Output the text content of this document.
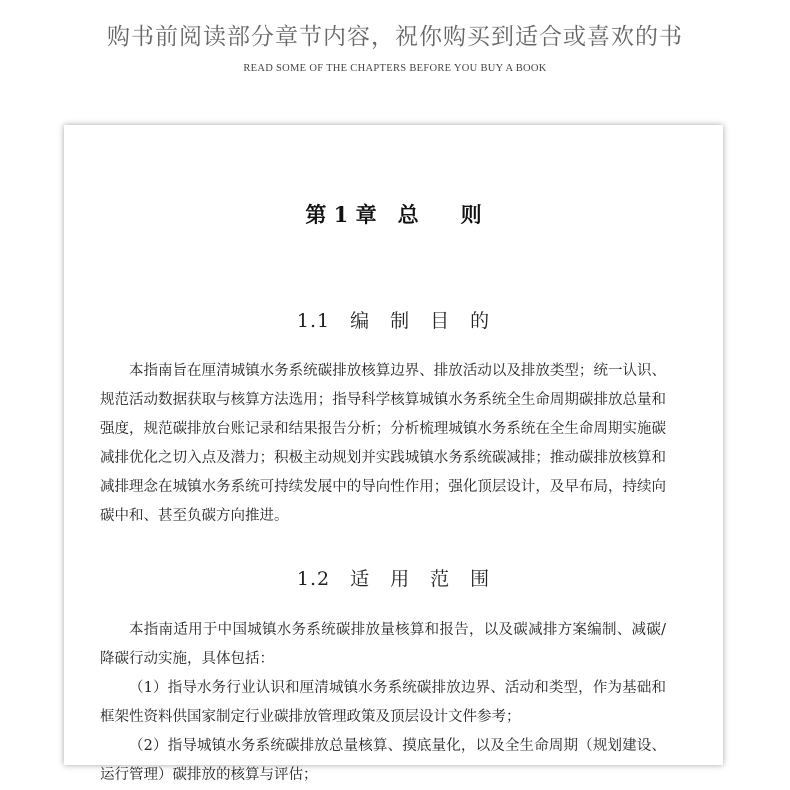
购书前阅读部分章节内容，祝你购买到适合或喜欢的书
READ SOME OF THE CHAPTERS BEFORE YOU BUY A BOOK
第 1 章　总　　则
1.1　编　制　目　的

本指南旨在厘清城镇水务系统碳排放核算边界、排放活动以及排放类型；统一认识、规范活动数据获取与核算方法选用；指导科学核算城镇水务系统全生命周期碳排放总量和强度，规范碳排放台账记录和结果报告分析；分析梳理城镇水务系统在全生命周期实施碳减排优化之切入点及潜力；积极主动规划并实践城镇水务系统碳减排；推动碳排放核算和减排理念在城镇水务系统可持续发展中的导向性作用；强化顶层设计，及早布局，持续向碳中和、甚至负碳方向推进。

1.2　适　用　范　围

本指南适用于中国城镇水务系统碳排放量核算和报告，以及碳减排方案编制、减碳/降碳行动实施，具体包括：

（1）指导水务行业认识和厘清城镇水务系统碳排放边界、活动和类型，作为基础和框架性资料供国家制定行业碳排放管理政策及顶层设计文件参考；

（2）指导城镇水务系统碳排放总量核算、摸底量化，以及全生命周期（规划建设、运行管理）碳排放的核算与评估；
